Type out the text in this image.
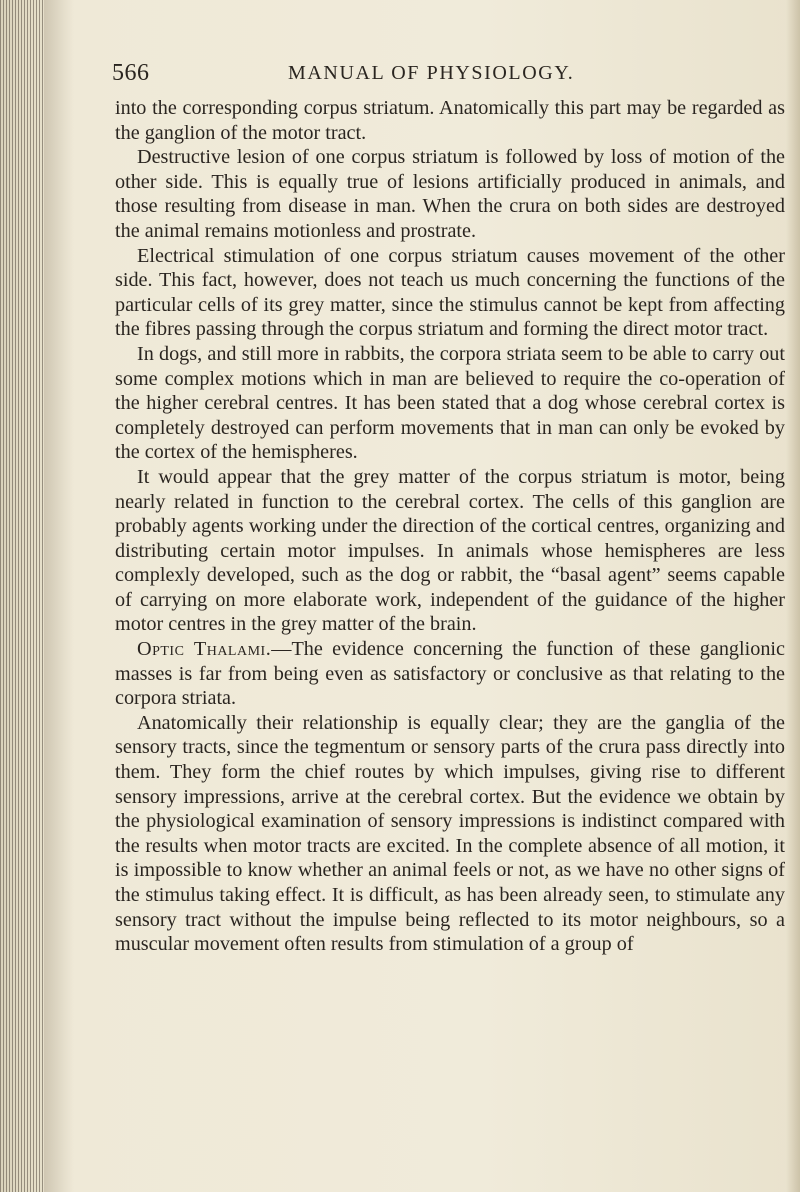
566	MANUAL OF PHYSIOLOGY.

into the corresponding corpus striatum. Anatomically this part may be regarded as the ganglion of the motor tract.

Destructive lesion of one corpus striatum is followed by loss of motion of the other side. This is equally true of lesions artificially produced in animals, and those resulting from disease in man. When the crura on both sides are destroyed the animal remains motionless and prostrate.

Electrical stimulation of one corpus striatum causes movement of the other side. This fact, however, does not teach us much concerning the functions of the particular cells of its grey matter, since the stimulus cannot be kept from affecting the fibres passing through the corpus striatum and forming the direct motor tract.

In dogs, and still more in rabbits, the corpora striata seem to be able to carry out some complex motions which in man are believed to require the co-operation of the higher cerebral centres. It has been stated that a dog whose cerebral cortex is completely destroyed can perform movements that in man can only be evoked by the cortex of the hemispheres.

It would appear that the grey matter of the corpus striatum is motor, being nearly related in function to the cerebral cortex. The cells of this ganglion are probably agents working under the direction of the cortical centres, organizing and distributing certain motor impulses. In animals whose hemispheres are less complexly developed, such as the dog or rabbit, the “basal agent” seems capable of carrying on more elaborate work, independent of the guidance of the higher motor centres in the grey matter of the brain.

Optic Thalami.—The evidence concerning the function of these ganglionic masses is far from being even as satisfactory or conclusive as that relating to the corpora striata.

Anatomically their relationship is equally clear; they are the ganglia of the sensory tracts, since the tegmentum or sensory parts of the crura pass directly into them. They form the chief routes by which impulses, giving rise to different sensory impressions, arrive at the cerebral cortex. But the evidence we obtain by the physiological examination of sensory impressions is indistinct compared with the results when motor tracts are excited. In the complete absence of all motion, it is impossible to know whether an animal feels or not, as we have no other signs of the stimulus taking effect. It is difficult, as has been already seen, to stimulate any sensory tract without the impulse being reflected to its motor neighbours, so a muscular movement often results from stimulation of a group of
